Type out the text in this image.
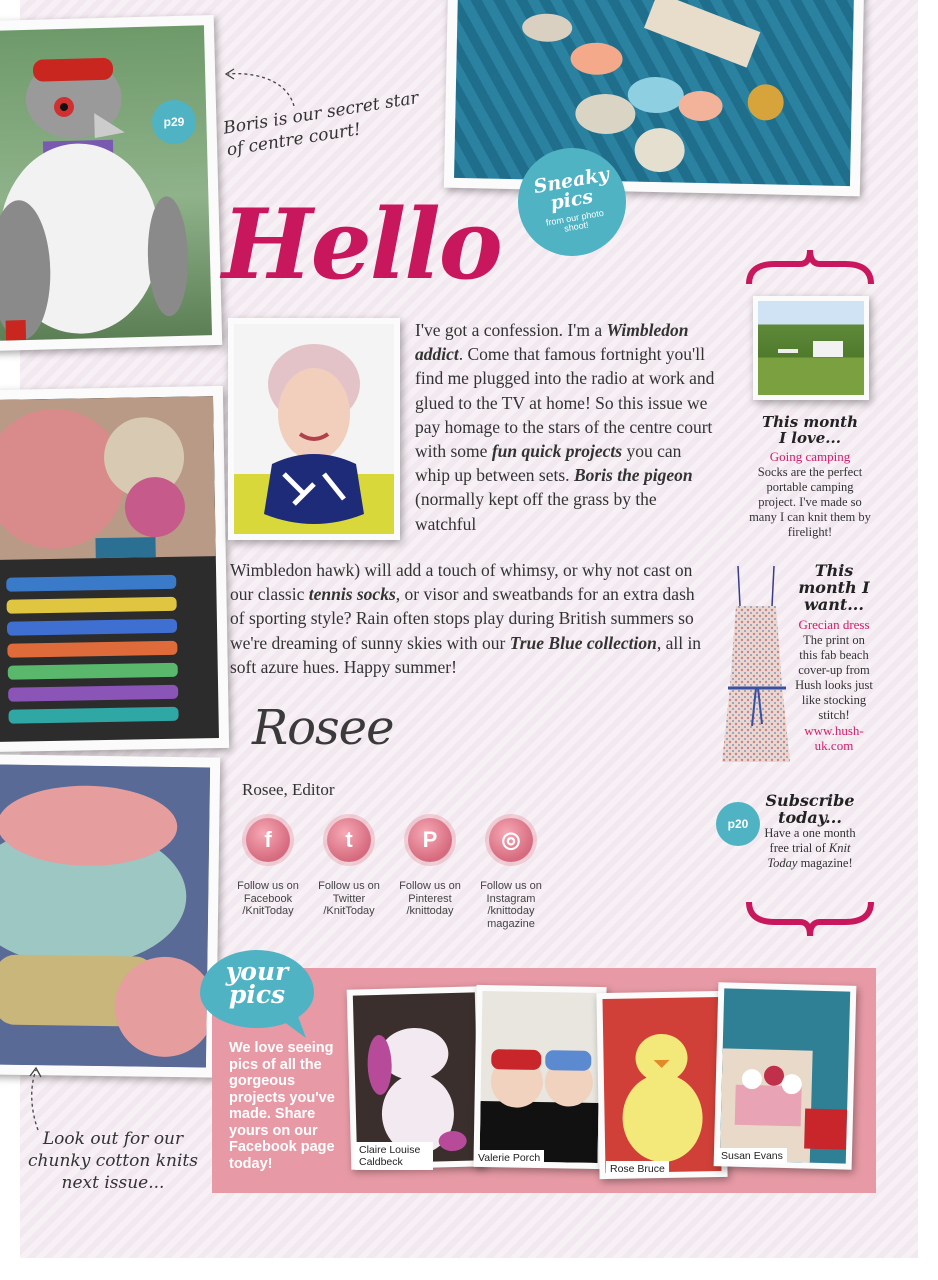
p29 Boris is our secret star of centre court!
Look out for our chunky cotton knits next issue...
Sneaky pics
from our photo shoot!
Hello
I've got a confession. I'm a Wimbledon addict. Come that famous fortnight you'll find me plugged into the radio at work and glued to the TV at home! So this issue we pay homage to the stars of the centre court with some fun quick projects you can whip up between sets. Boris the pigeon (normally kept off the grass by the watchful
Wimbledon hawk) will add a touch of whimsy, or why not cast on our classic tennis socks, or visor and sweatbands for an extra dash of sporting style? Rain often stops play during British summers so we're dreaming of sunny skies with our True Blue collection, all in soft azure hues. Happy summer!
Rosee
Rosee, Editor
f
Follow us on Facebook /KnitToday
t
Follow us on Twitter /KnitToday
P
Follow us on Pinterest /knittoday
◎
Follow us on Instagram /knittoday magazine
This month I love...
Going camping

Socks are the perfect portable camping project. I've made so many I can knit them by firelight!

This month I want...
Grecian dress

The print on this fab beach cover-up from Hush looks just like stocking stitch!

www.hush-uk.com
p20
Subscribe today...

Have a one month free trial of Knit Today magazine!

your pics
We love seeing pics of all the gorgeous projects you've made. Share yours on our Facebook page today!
Claire Louise Caldbeck	Valerie Porch
Rose Bruce
Susan Evans
